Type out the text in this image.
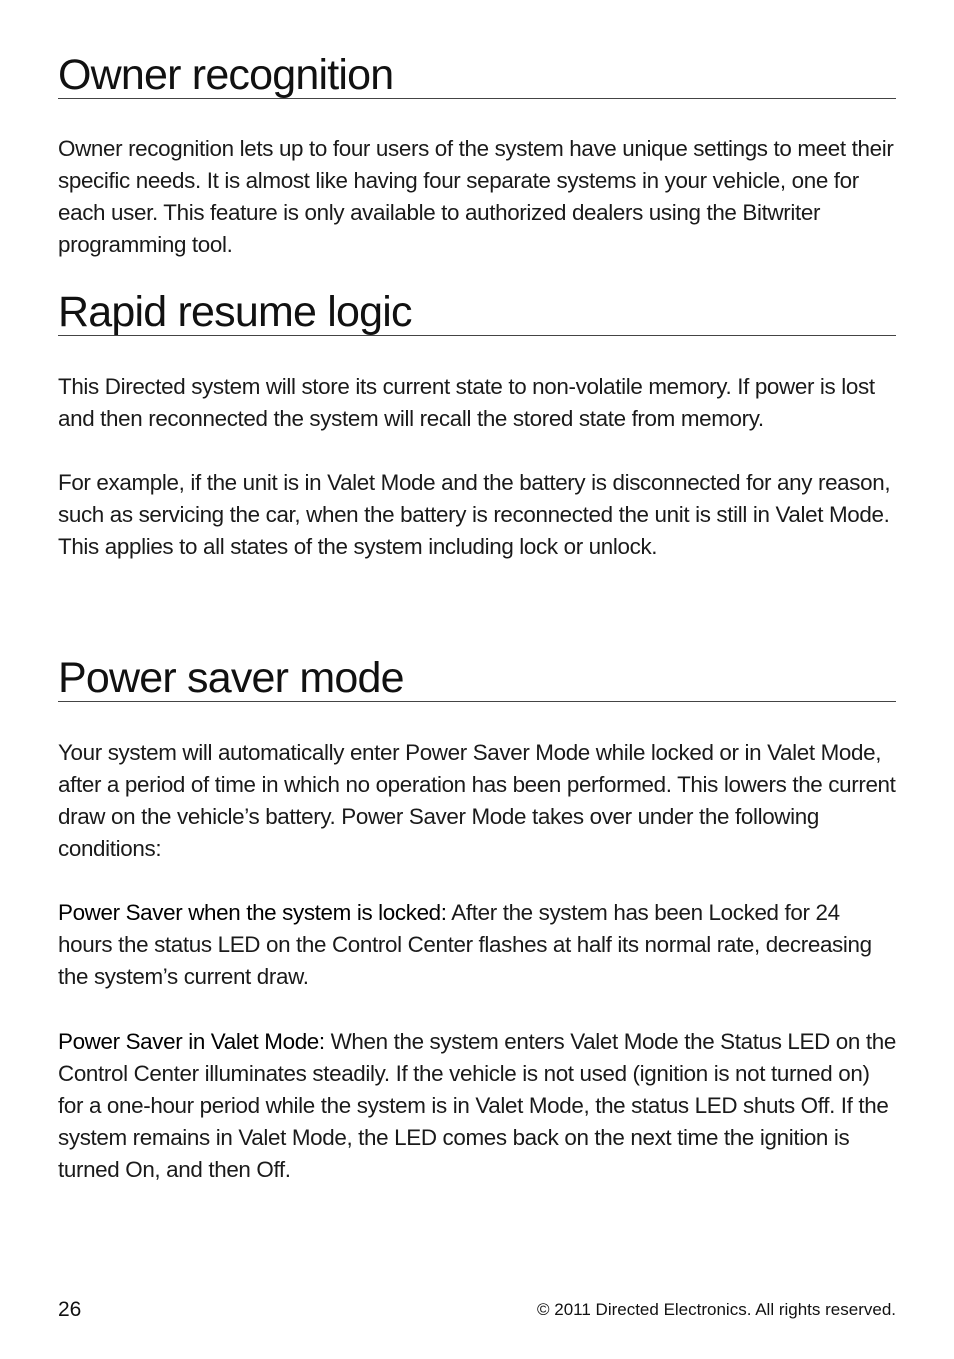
Owner recognition

Owner recognition lets up to four users of the system have unique settings to meet their specific needs. It is almost like having four separate systems in your vehicle, one for each user. This feature is only available to authorized dealers using the Bitwriter programming tool.

Rapid resume logic

This Directed system will store its current state to non-volatile memory. If power is lost and then reconnected the system will recall the stored state from memory.

For example, if the unit is in Valet Mode and the battery is disconnected for any reason, such as servicing the car, when the battery is reconnected the unit is still in Valet Mode. This applies to all states of the system including lock or unlock.

Power saver mode

Your system will automatically enter Power Saver Mode while locked or in Valet Mode, after a period of time in which no operation has been performed. This lowers the current draw on the vehicle’s battery. Power Saver Mode takes over under the following conditions:

Power Saver when the system is locked: After the system has been Locked for 24 hours the status LED on the Control Center flashes at half its normal rate, decreasing the system’s current draw.

Power Saver in Valet Mode: When the system enters Valet Mode the Status LED on the Control Center illuminates steadily. If the vehicle is not used (ignition is not turned on) for a one-hour period while the system is in Valet Mode, the status LED shuts Off. If the system remains in Valet Mode, the LED comes back on the next time the ignition is turned On, and then Off.

26	© 2011 Directed Electronics. All rights reserved.
